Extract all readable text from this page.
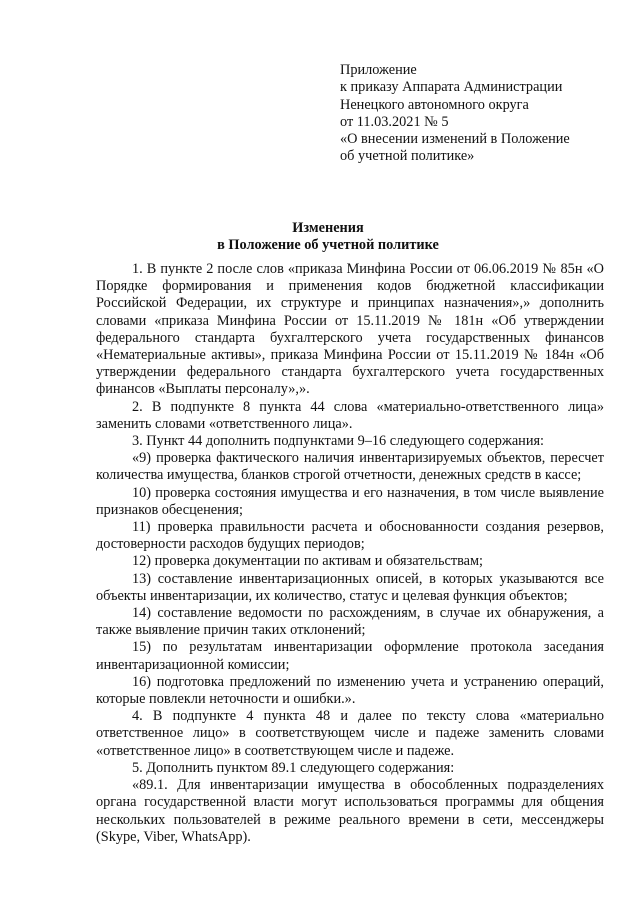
Приложение
к приказу Аппарата Администрации
Ненецкого автономного округа
от 11.03.2021 № 5
«О внесении изменений в Положение
об учетной политике»
Изменения
в Положение об учетной политике

1. В пункте 2 после слов «приказа Минфина России от 06.06.2019 № 85н «О Порядке формирования и применения кодов бюджетной классификации Российской Федерации, их структуре и принципах назначения»,» дополнить словами «приказа Минфина России от 15.11.2019 № 181н «Об утверждении федерального стандарта бухгалтерского учета государственных финансов «Нематериальные активы», приказа Минфина России от 15.11.2019 № 184н «Об утверждении федерального стандарта бухгалтерского учета государственных финансов «Выплаты персоналу»,».

2. В подпункте 8 пункта 44 слова «материально-ответственного лица» заменить словами «ответственного лица».

3. Пункт 44 дополнить подпунктами 9–16 следующего содержания:

«9) проверка фактического наличия инвентаризируемых объектов, пересчет количества имущества, бланков строгой отчетности, денежных средств в кассе;

10) проверка состояния имущества и его назначения, в том числе выявление признаков обесценения;

11) проверка правильности расчета и обоснованности создания резервов, достоверности расходов будущих периодов;

12) проверка документации по активам и обязательствам;

13) составление инвентаризационных описей, в которых указываются все объекты инвентаризации, их количество, статус и целевая функция объектов;

14) составление ведомости по расхождениям, в случае их обнаружения, а также выявление причин таких отклонений;

15) по результатам инвентаризации оформление протокола заседания инвентаризационной комиссии;

16) подготовка предложений по изменению учета и устранению операций, которые повлекли неточности и ошибки.».

4. В подпункте 4 пункта 48 и далее по тексту слова «материально ответственное лицо» в соответствующем числе и падеже заменить словами «ответственное лицо» в соответствующем числе и падеже.

5. Дополнить пунктом 89.1 следующего содержания:

«89.1. Для инвентаризации имущества в обособленных подразделениях органа государственной власти могут использоваться программы для общения нескольких пользователей в режиме реального времени в сети, мессенджеры (Skype, Viber, WhatsApp).
